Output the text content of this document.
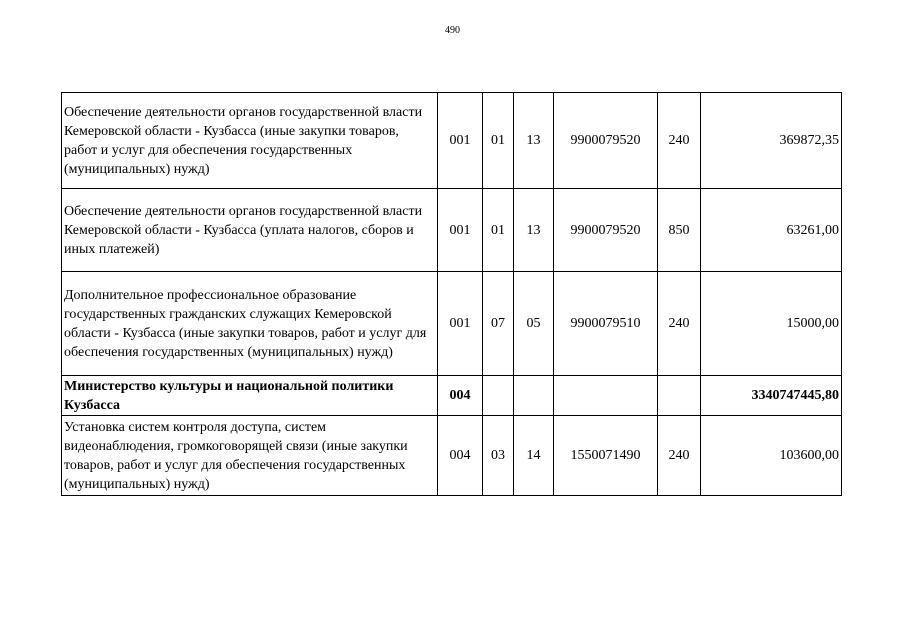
490
Обеспечение деятельности органов государственной власти Кемеровской области - Кузбасса (иные закупки товаров, работ и услуг для обеспечения государственных (муниципальных) нужд)	001	01	13	9900079520	240	369872,35
Обеспечение деятельности органов государственной власти Кемеровской области - Кузбасса (уплата налогов, сборов и иных платежей)	001	01	13	9900079520	850	63261,00
Дополнительное профессиональное образование государственных гражданских служащих Кемеровской области - Кузбасса (иные закупки товаров, работ и услуг для обеспечения государственных (муниципальных) нужд)	001	07	05	9900079510	240	15000,00
Министерство культуры и национальной политики Кузбасса	004					3340747445,80
Установка систем контроля доступа, систем видеонаблюдения, громкоговорящей связи (иные закупки товаров, работ и услуг для обеспечения государственных (муниципальных) нужд)	004	03	14	1550071490	240	103600,00
